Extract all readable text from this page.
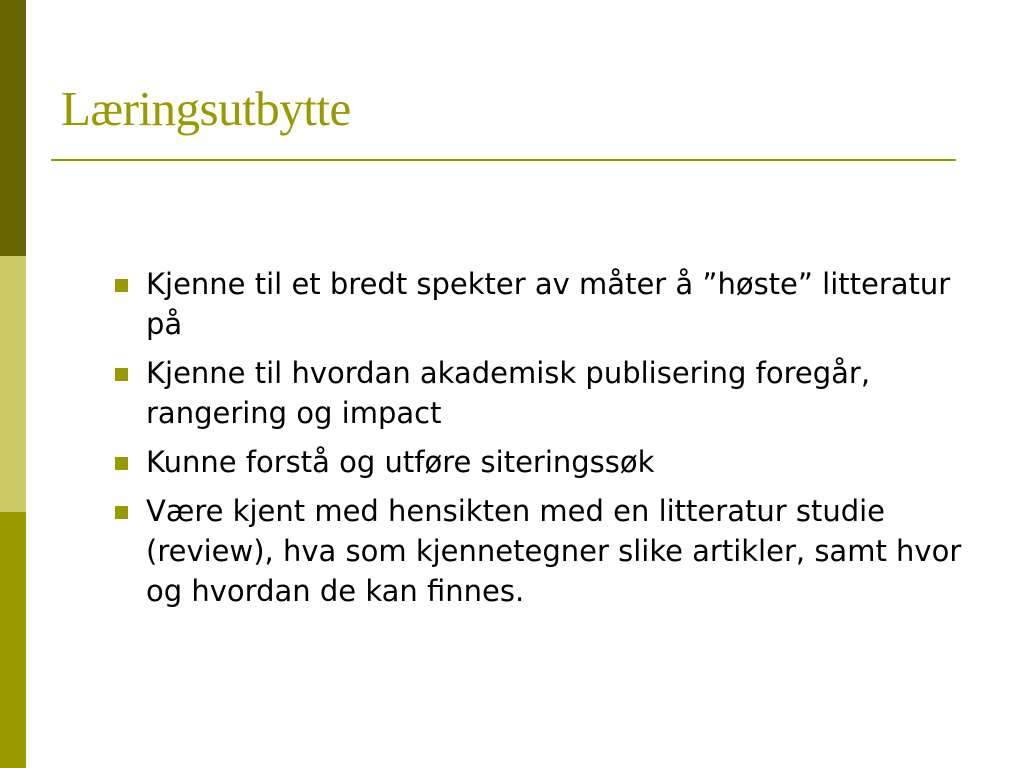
Læringsutbytte
Kjenne til et bredt spekter av måter å ”høste” litteratur på
Kjenne til hvordan akademisk publisering foregår, rangering og impact
Kunne forstå og utføre siteringssøk
Være kjent med hensikten med en litteratur studie (review), hva som kjennetegner slike artikler, samt hvor og hvordan de kan finnes.
